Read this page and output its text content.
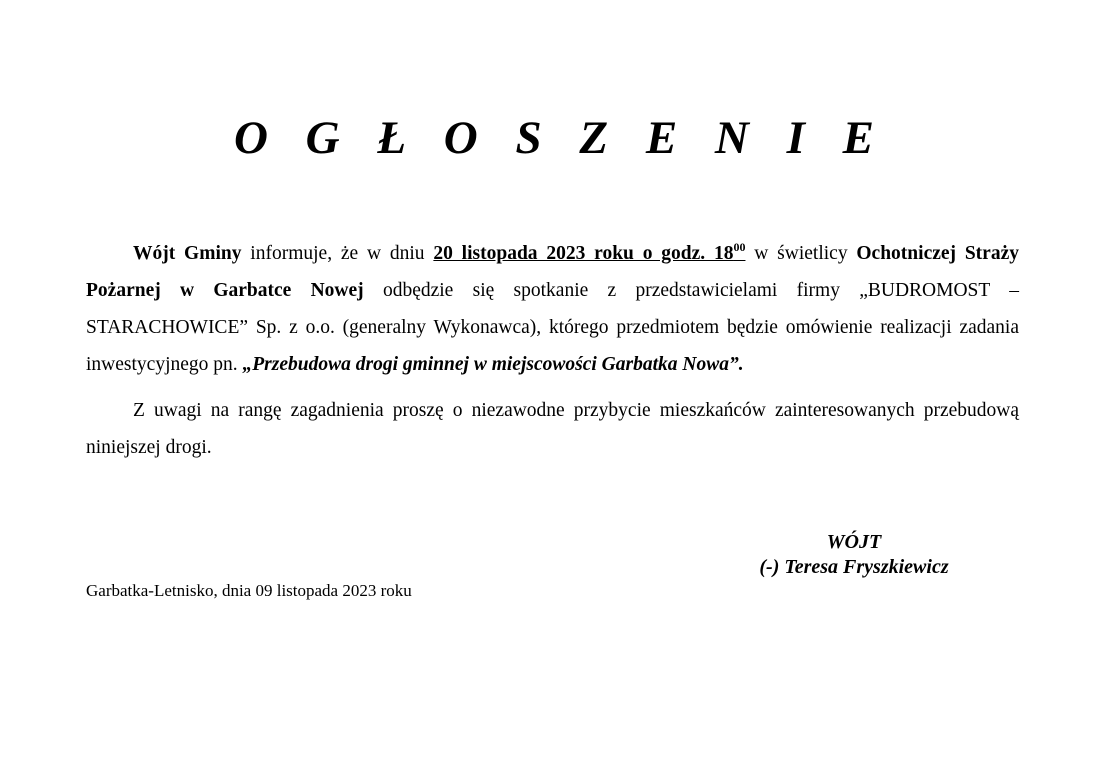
O G Ł O S Z E N I E

Wójt Gminy informuje, że w dniu 20 listopada 2023 roku o godz. $18^{00}$ w świetlicy Ochotniczej Straży Pożarnej w Garbatce Nowej odbędzie się spotkanie z przedstawicielami firmy „BUDROMOST – STARACHOWICE” Sp. z o.o. (generalny Wykonawca), którego przedmiotem będzie omówienie realizacji zadania inwestycyjnego pn. „Przebudowa drogi gminnej w miejscowości Garbatka Nowa”.

Z uwagi na rangę zagadnienia proszę o niezawodne przybycie mieszkańców zainteresowanych przebudową niniejszej drogi.

WÓJT
(-) Teresa Fryszkiewicz
Garbatka-Letnisko, dnia 09 listopada 2023 roku
